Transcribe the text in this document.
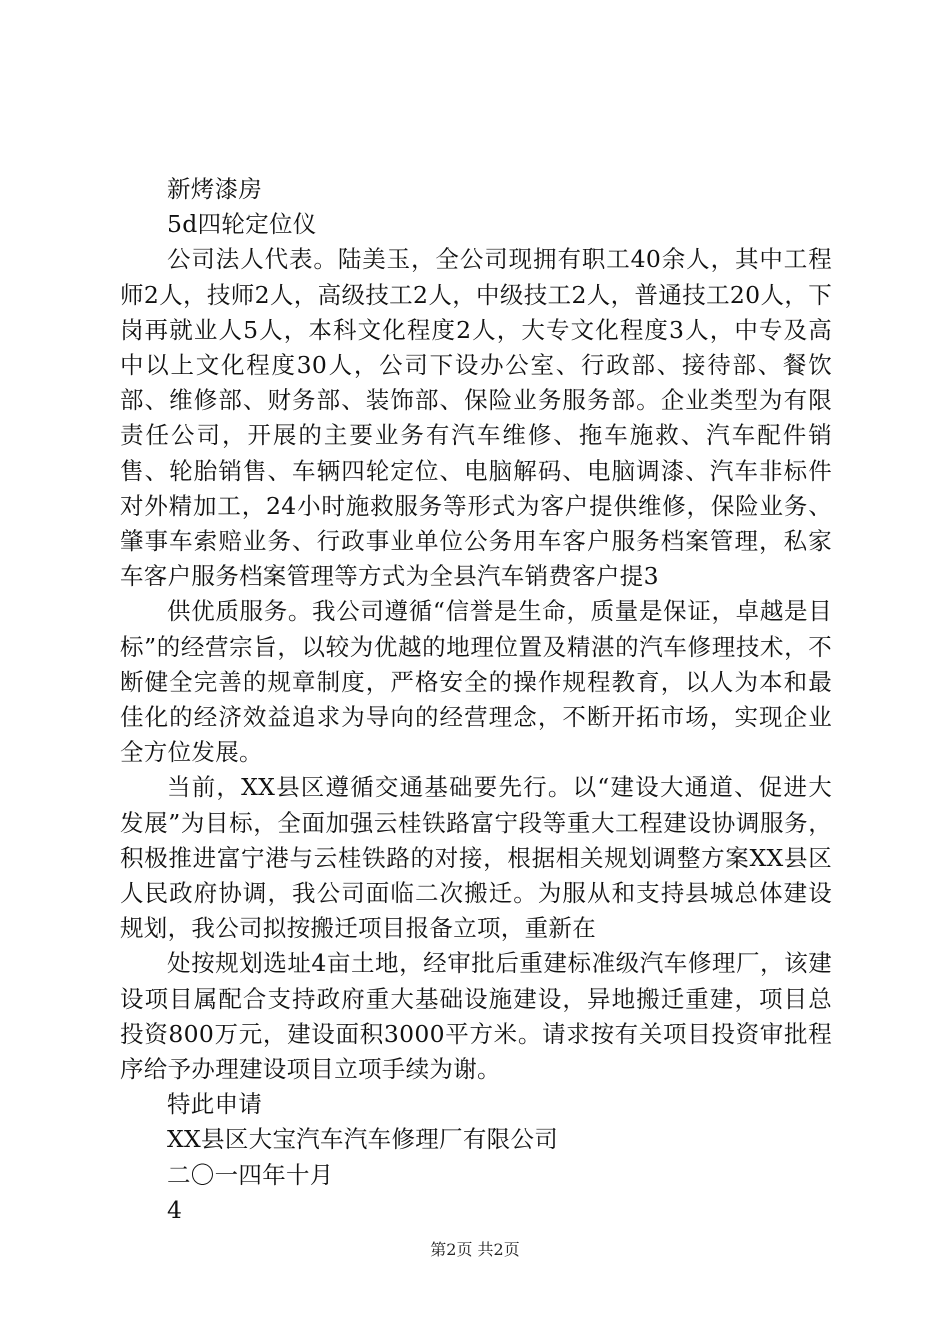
新烤漆房

5d四轮定位仪

公司法人代表。陆美玉，全公司现拥有职工40余人，其中工程师2人，技师2人，高级技工2人，中级技工2人，普通技工20人，下岗再就业人5人，本科文化程度2人，大专文化程度3人，中专及高中以上文化程度30人，公司下设办公室、行政部、接待部、餐饮部、维修部、财务部、装饰部、保险业务服务部。企业类型为有限责任公司，开展的主要业务有汽车维修、拖车施救、汽车配件销售、轮胎销售、车辆四轮定位、电脑解码、电脑调漆、汽车非标件对外精加工，24小时施救服务等形式为客户提供维修，保险业务、肇事车索赔业务、行政事业单位公务用车客户服务档案管理，私家车客户服务档案管理等方式为全县汽车销费客户提3

供优质服务。我公司遵循“信誉是生命，质量是保证，卓越是目标”的经营宗旨，以较为优越的地理位置及精湛的汽车修理技术，不断健全完善的规章制度，严格安全的操作规程教育，以人为本和最佳化的经济效益追求为导向的经营理念，不断开拓市场，实现企业全方位发展。

当前，XX县区遵循交通基础要先行。以“建设大通道、促进大发展”为目标，全面加强云桂铁路富宁段等重大工程建设协调服务，积极推进富宁港与云桂铁路的对接，根据相关规划调整方案XX县区人民政府协调，我公司面临二次搬迁。为服从和支持县城总体建设规划，我公司拟按搬迁项目报备立项，重新在

处按规划选址4亩土地，经审批后重建标准级汽车修理厂，该建设项目属配合支持政府重大基础设施建设，异地搬迁重建，项目总投资800万元，建设面积3000平方米。请求按有关项目投资审批程序给予办理建设项目立项手续为谢。

特此申请

XX县区大宝汽车汽车修理厂有限公司

二〇一四年十月

4

第2页 共2页
